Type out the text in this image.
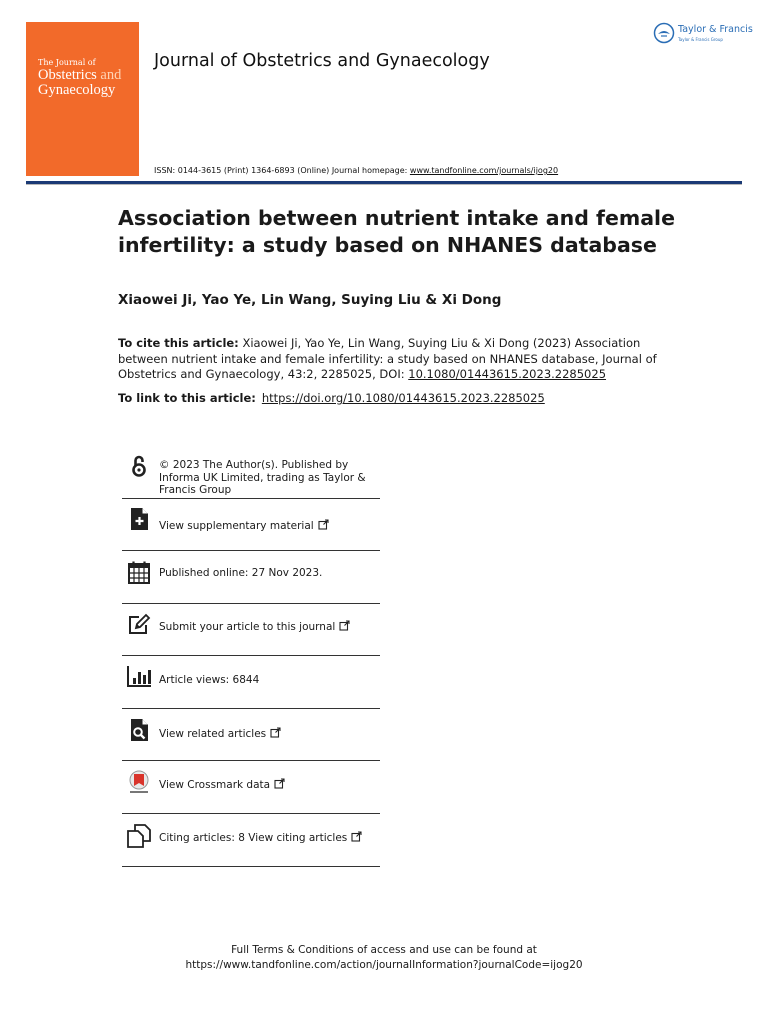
The Journal of
Obstetrics and
Gynaecology
Journal of Obstetrics and Gynaecology
Taylor & Francis
Taylor & Francis Group
ISSN: 0144-3615 (Print) 1364-6893 (Online) Journal homepage: www.tandfonline.com/journals/ijog20
Association between nutrient intake and female infertility: a study based on NHANES database
Xiaowei Ji, Yao Ye, Lin Wang, Suying Liu & Xi Dong
To cite this article: Xiaowei Ji, Yao Ye, Lin Wang, Suying Liu & Xi Dong (2023) Association between nutrient intake and female infertility: a study based on NHANES database, Journal of Obstetrics and Gynaecology, 43:2, 2285025, DOI: 10.1080/01443615.2023.2285025
To link to this article: https://doi.org/10.1080/01443615.2023.2285025
© 2023 The Author(s). Published by Informa UK Limited, trading as Taylor & Francis Group
View supplementary material
Published online: 27 Nov 2023.
Submit your article to this journal
Article views: 6844
View related articles
View Crossmark data
Citing articles: 8 View citing articles
Full Terms & Conditions of access and use can be found at
https://www.tandfonline.com/action/journalInformation?journalCode=ijog20
